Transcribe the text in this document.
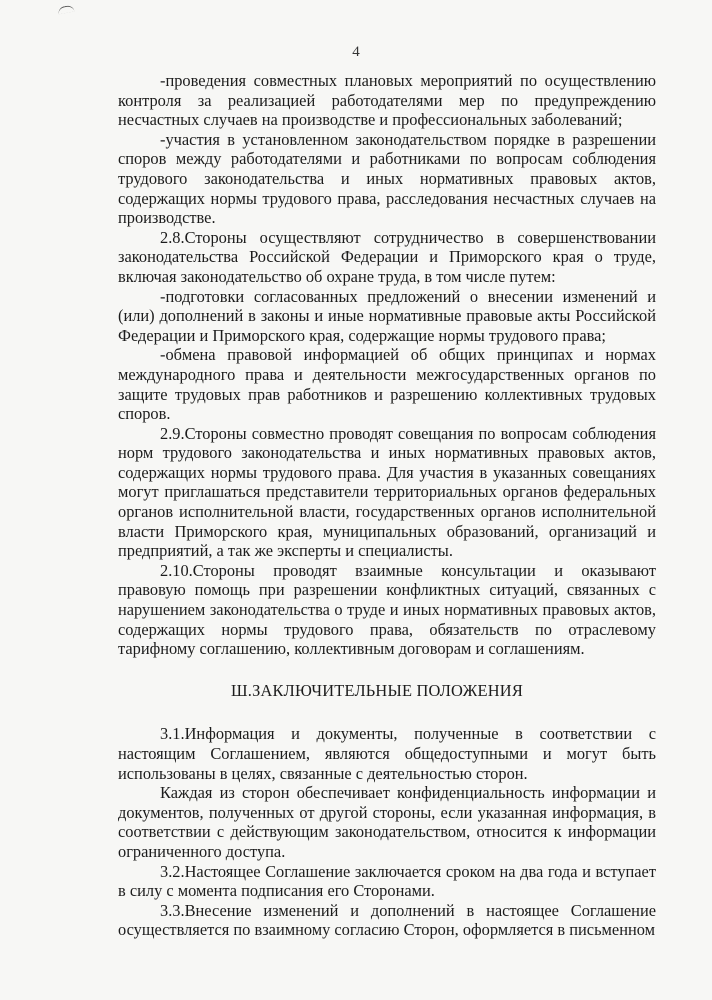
4

-проведения совместных плановых мероприятий по осуществлению контроля за реализацией работодателями мер по предупреждению несчастных случаев на производстве и профессиональных заболеваний;

-участия в установленном законодательством порядке в разрешении споров между работодателями и работниками по вопросам соблюдения трудового законодательства и иных нормативных правовых актов, содержащих нормы трудового права, расследования несчастных случаев на производстве.

2.8.Стороны осуществляют сотрудничество в совершенствовании законодательства Российской Федерации и Приморского края о труде, включая законодательство об охране труда, в том числе путем:

-подготовки согласованных предложений о внесении изменений и (или) дополнений в законы и иные нормативные правовые акты Российской Федерации и Приморского края, содержащие нормы трудового права;

-обмена правовой информацией об общих принципах и нормах международного права и деятельности межгосударственных органов по защите трудовых прав работников и разрешению коллективных трудовых споров.

2.9.Стороны совместно проводят совещания по вопросам соблюдения норм трудового законодательства и иных нормативных правовых актов, содержащих нормы трудового права. Для участия в указанных совещаниях могут приглашаться представители территориальных органов федеральных органов исполнительной власти, государственных органов исполнительной власти Приморского края, муниципальных образований, организаций и предприятий, а так же эксперты и специалисты.

2.10.Стороны проводят взаимные консультации и оказывают правовую помощь при разрешении конфликтных ситуаций, связанных с нарушением законодательства о труде и иных нормативных правовых актов, содержащих нормы трудового права, обязательств по отраслевому тарифному соглашению, коллективным договорам и соглашениям.

Ш.ЗАКЛЮЧИТЕЛЬНЫЕ ПОЛОЖЕНИЯ

3.1.Информация и документы, полученные в соответствии с настоящим Соглашением, являются общедоступными и могут быть использованы в целях, связанные с деятельностью сторон.

Каждая из сторон обеспечивает конфиденциальность информации и документов, полученных от другой стороны, если указанная информация, в соответствии с действующим законодательством, относится к информации ограниченного доступа.

3.2.Настоящее Соглашение заключается сроком на два года и вступает в силу с момента подписания его Сторонами.

3.3.Внесение изменений и дополнений в настоящее Соглашение осуществляется по взаимному согласию Сторон, оформляется в письменном
